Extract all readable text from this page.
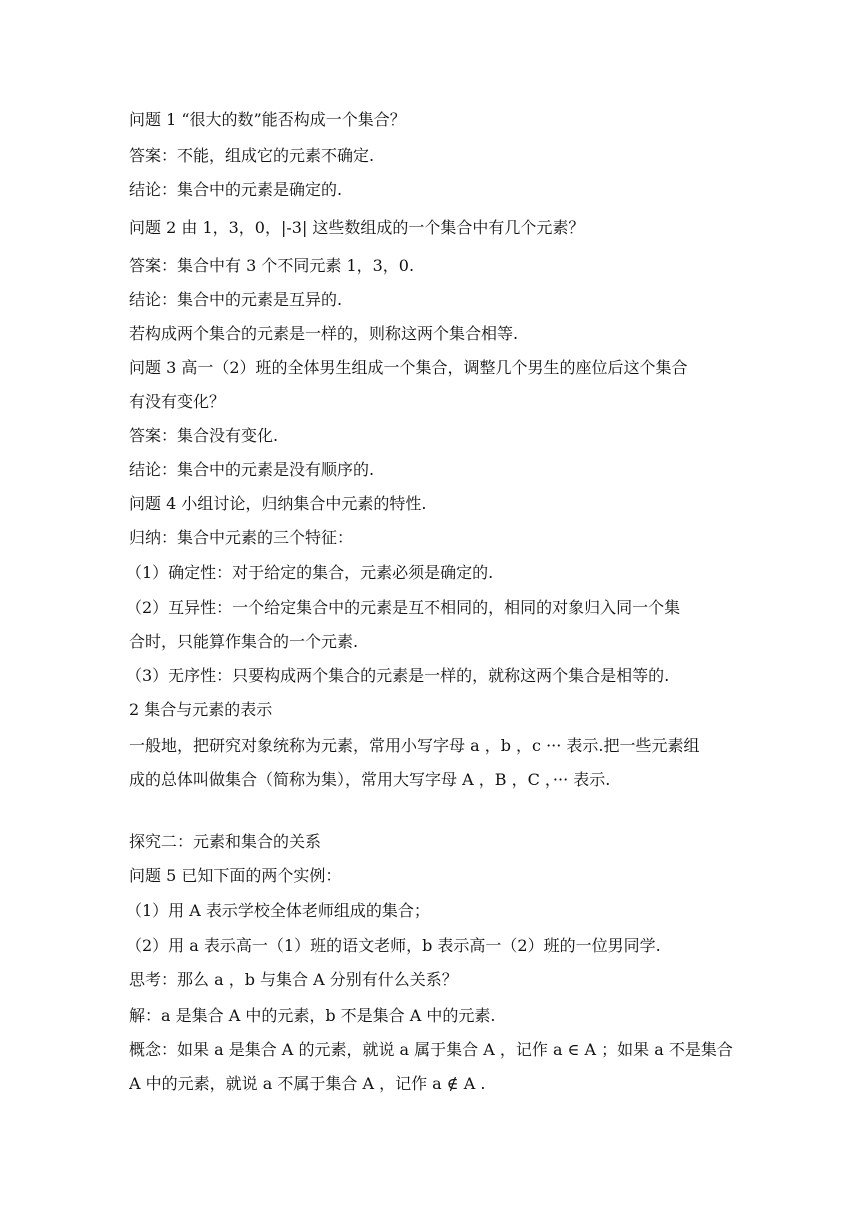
问题 1 “很大的数”能否构成一个集合？
答案：不能，组成它的元素不确定.
结论：集合中的元素是确定的.
问题 2 由 1，3，0，|-3| 这些数组成的一个集合中有几个元素？
答案：集合中有 3 个不同元素 1，3，0.
结论：集合中的元素是互异的.
若构成两个集合的元素是一样的，则称这两个集合相等.
问题 3 高一（2）班的全体男生组成一个集合，调整几个男生的座位后这个集合
有没有变化？
答案：集合没有变化.
结论：集合中的元素是没有顺序的.
问题 4 小组讨论，归纳集合中元素的特性.
归纳：集合中元素的三个特征：
（1）确定性：对于给定的集合，元素必须是确定的.
（2）互异性：一个给定集合中的元素是互不相同的，相同的对象归入同一个集
合时，只能算作集合的一个元素.
（3）无序性：只要构成两个集合的元素是一样的，就称这两个集合是相等的.
2 集合与元素的表示
一般地，把研究对象统称为元素，常用小写字母 a ，b ，c ··· 表示.把一些元素组
成的总体叫做集合（简称为集），常用大写字母 A ，B ，C ，··· 表示.
探究二：元素和集合的关系
问题 5 已知下面的两个实例：
（1）用 A 表示学校全体老师组成的集合；
（2）用 a 表示高一（1）班的语文老师，b 表示高一（2）班的一位男同学.
思考：那么 a ，b 与集合 A 分别有什么关系？
解：a 是集合 A 中的元素，b 不是集合 A 中的元素.
概念：如果 a 是集合 A 的元素，就说 a 属于集合 A ，记作 a ∈ A ；如果 a 不是集合
A 中的元素，就说 a 不属于集合 A ，记作 a ∉ A .
